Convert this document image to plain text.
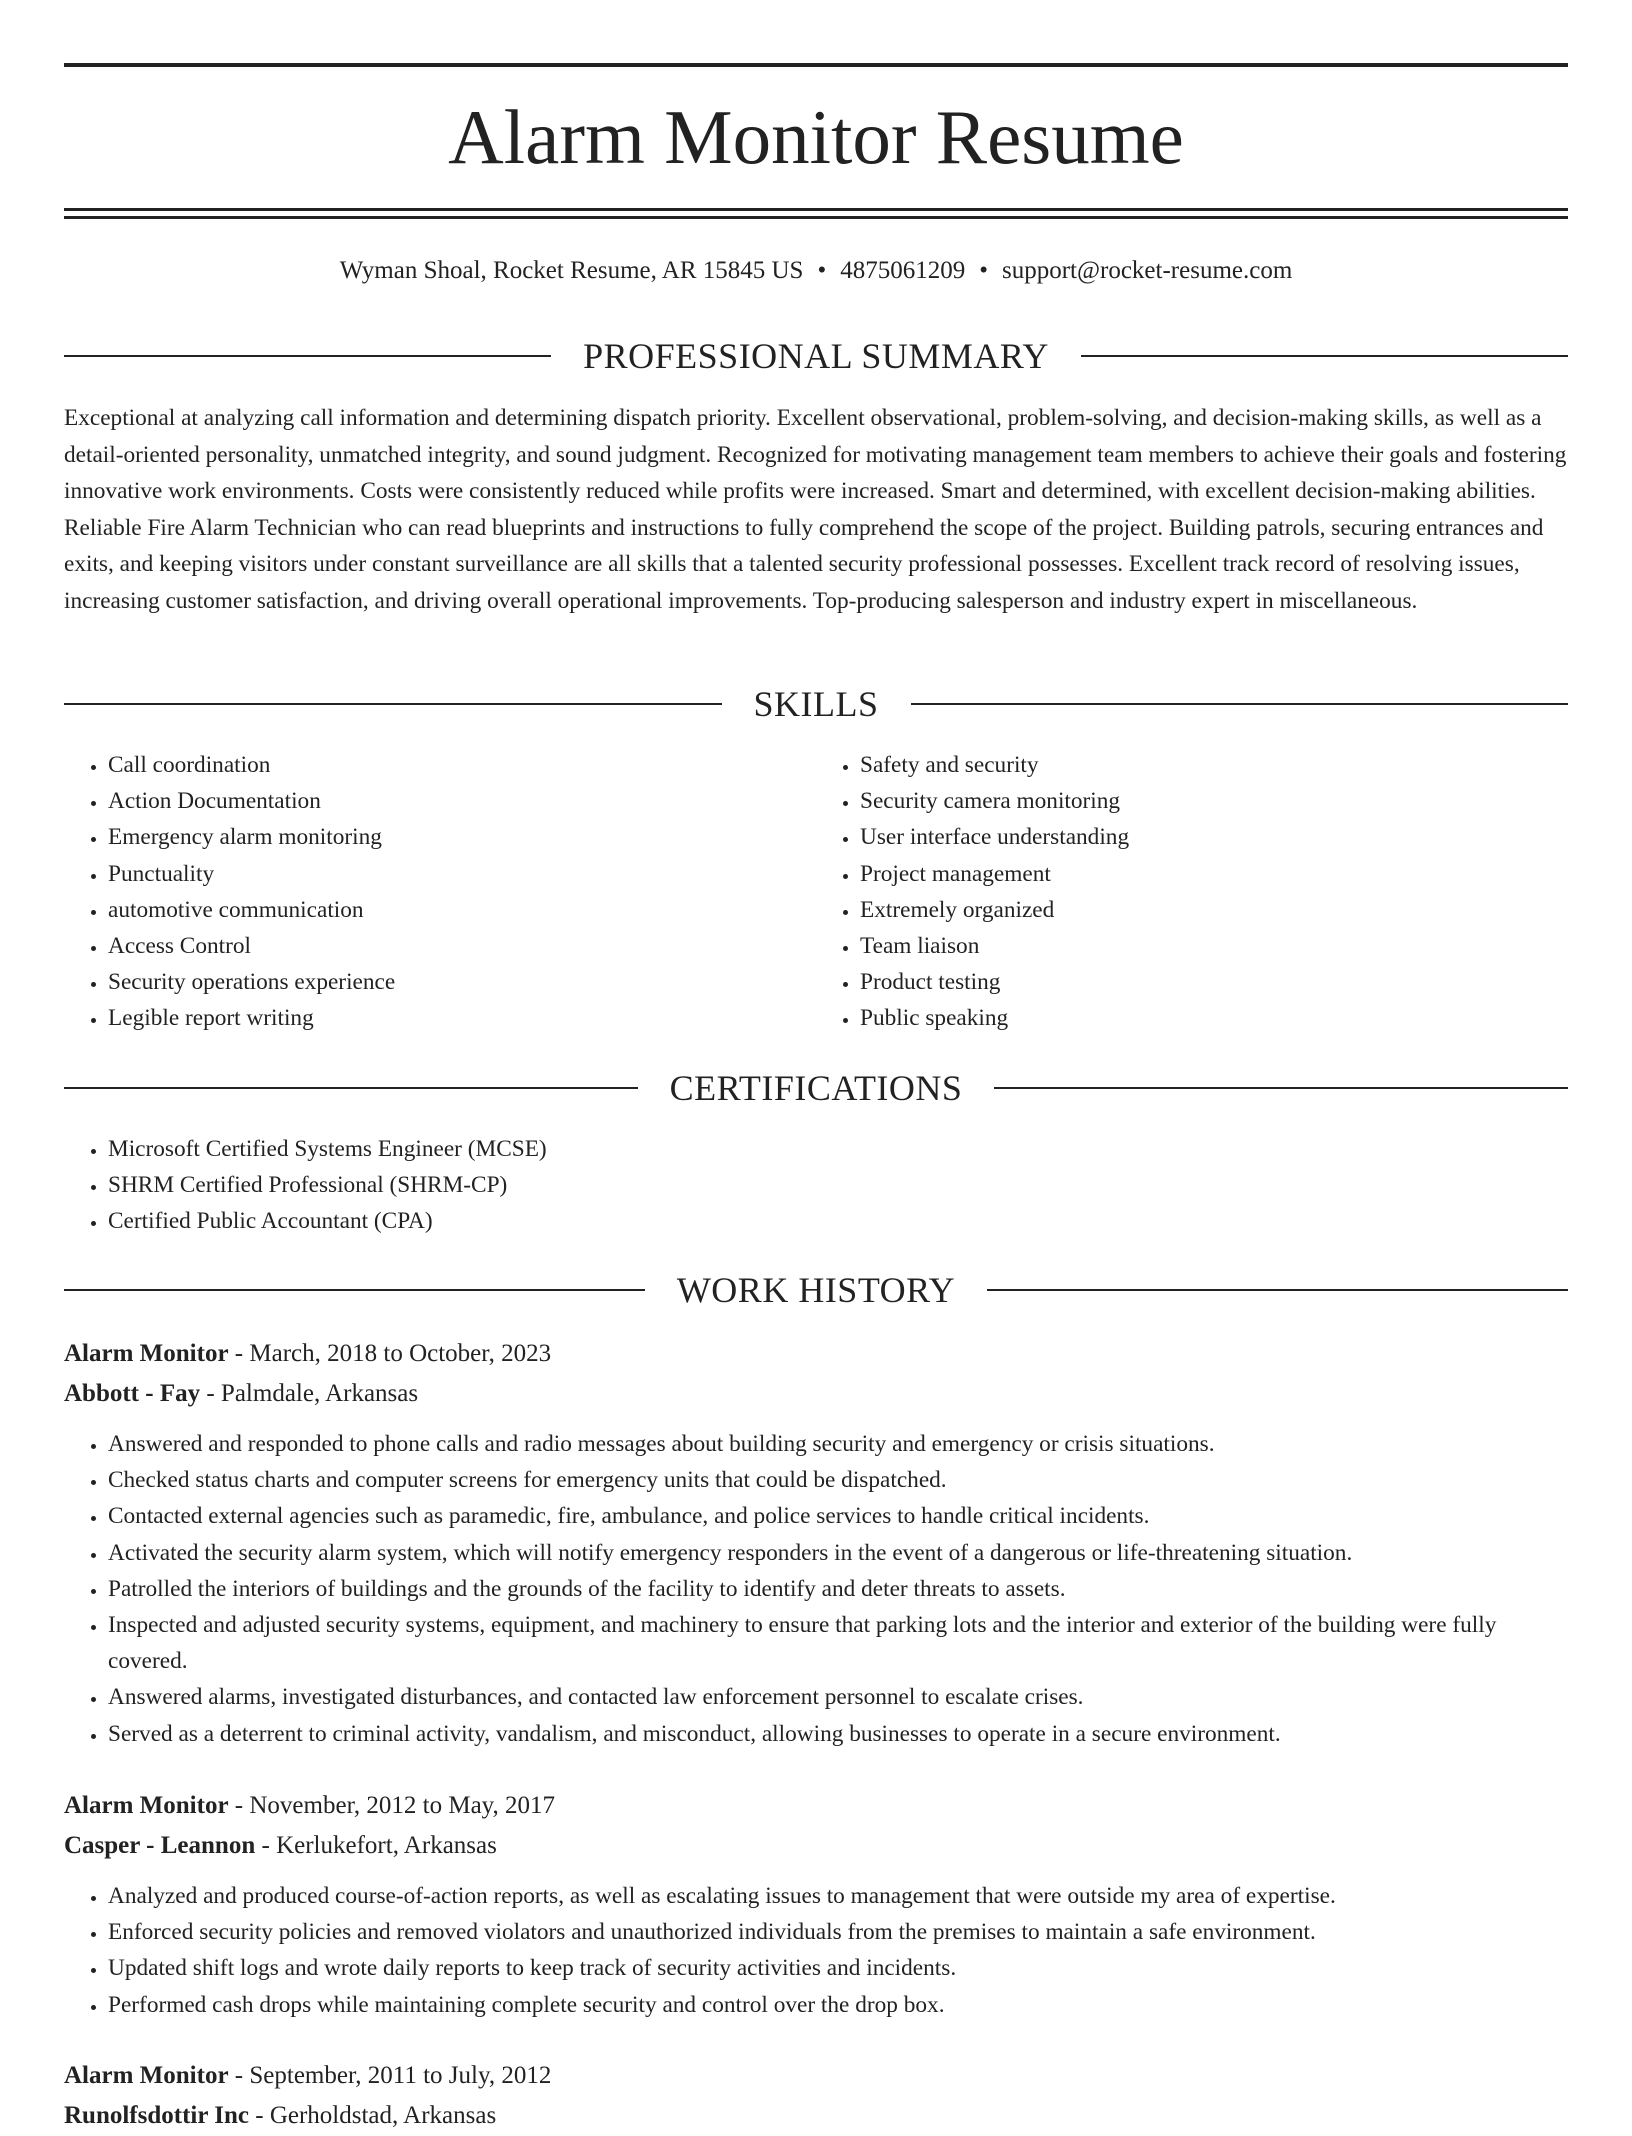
Alarm Monitor Resume
Wyman Shoal, Rocket Resume, AR 15845 US • 4875061209 • support@rocket-resume.com
PROFESSIONAL SUMMARY

Exceptional at analyzing call information and determining dispatch priority. Excellent observational, problem-solving, and decision-making skills, as well as a detail-oriented personality, unmatched integrity, and sound judgment. Recognized for motivating management team members to achieve their goals and fostering innovative work environments. Costs were consistently reduced while profits were increased. Smart and determined, with excellent decision-making abilities. Reliable Fire Alarm Technician who can read blueprints and instructions to fully comprehend the scope of the project. Building patrols, securing entrances and exits, and keeping visitors under constant surveillance are all skills that a talented security professional possesses. Excellent track record of resolving issues, increasing customer satisfaction, and driving overall operational improvements. Top-producing salesperson and industry expert in miscellaneous.

SKILLS
• Call coordination
• Action Documentation
• Emergency alarm monitoring
• Punctuality
• automotive communication
• Access Control
• Security operations experience
• Legible report writing
• Safety and security
• Security camera monitoring
• User interface understanding
• Project management
• Extremely organized
• Team liaison
• Product testing
• Public speaking
CERTIFICATIONS
• Microsoft Certified Systems Engineer (MCSE)
• SHRM Certified Professional (SHRM-CP)
• Certified Public Accountant (CPA)
WORK HISTORY
Alarm Monitor - March, 2018 to October, 2023
Abbott - Fay - Palmdale, Arkansas
• Answered and responded to phone calls and radio messages about building security and emergency or crisis situations.
• Checked status charts and computer screens for emergency units that could be dispatched.
• Contacted external agencies such as paramedic, fire, ambulance, and police services to handle critical incidents.
• Activated the security alarm system, which will notify emergency responders in the event of a dangerous or life-threatening situation.
• Patrolled the interiors of buildings and the grounds of the facility to identify and deter threats to assets.
• Inspected and adjusted security systems, equipment, and machinery to ensure that parking lots and the interior and exterior of the building were fully covered.
• Answered alarms, investigated disturbances, and contacted law enforcement personnel to escalate crises.
• Served as a deterrent to criminal activity, vandalism, and misconduct, allowing businesses to operate in a secure environment.
Alarm Monitor - November, 2012 to May, 2017
Casper - Leannon - Kerlukefort, Arkansas
• Analyzed and produced course-of-action reports, as well as escalating issues to management that were outside my area of expertise.
• Enforced security policies and removed violators and unauthorized individuals from the premises to maintain a safe environment.
• Updated shift logs and wrote daily reports to keep track of security activities and incidents.
• Performed cash drops while maintaining complete security and control over the drop box.
Alarm Monitor - September, 2011 to July, 2012
Runolfsdottir Inc - Gerholdstad, Arkansas
